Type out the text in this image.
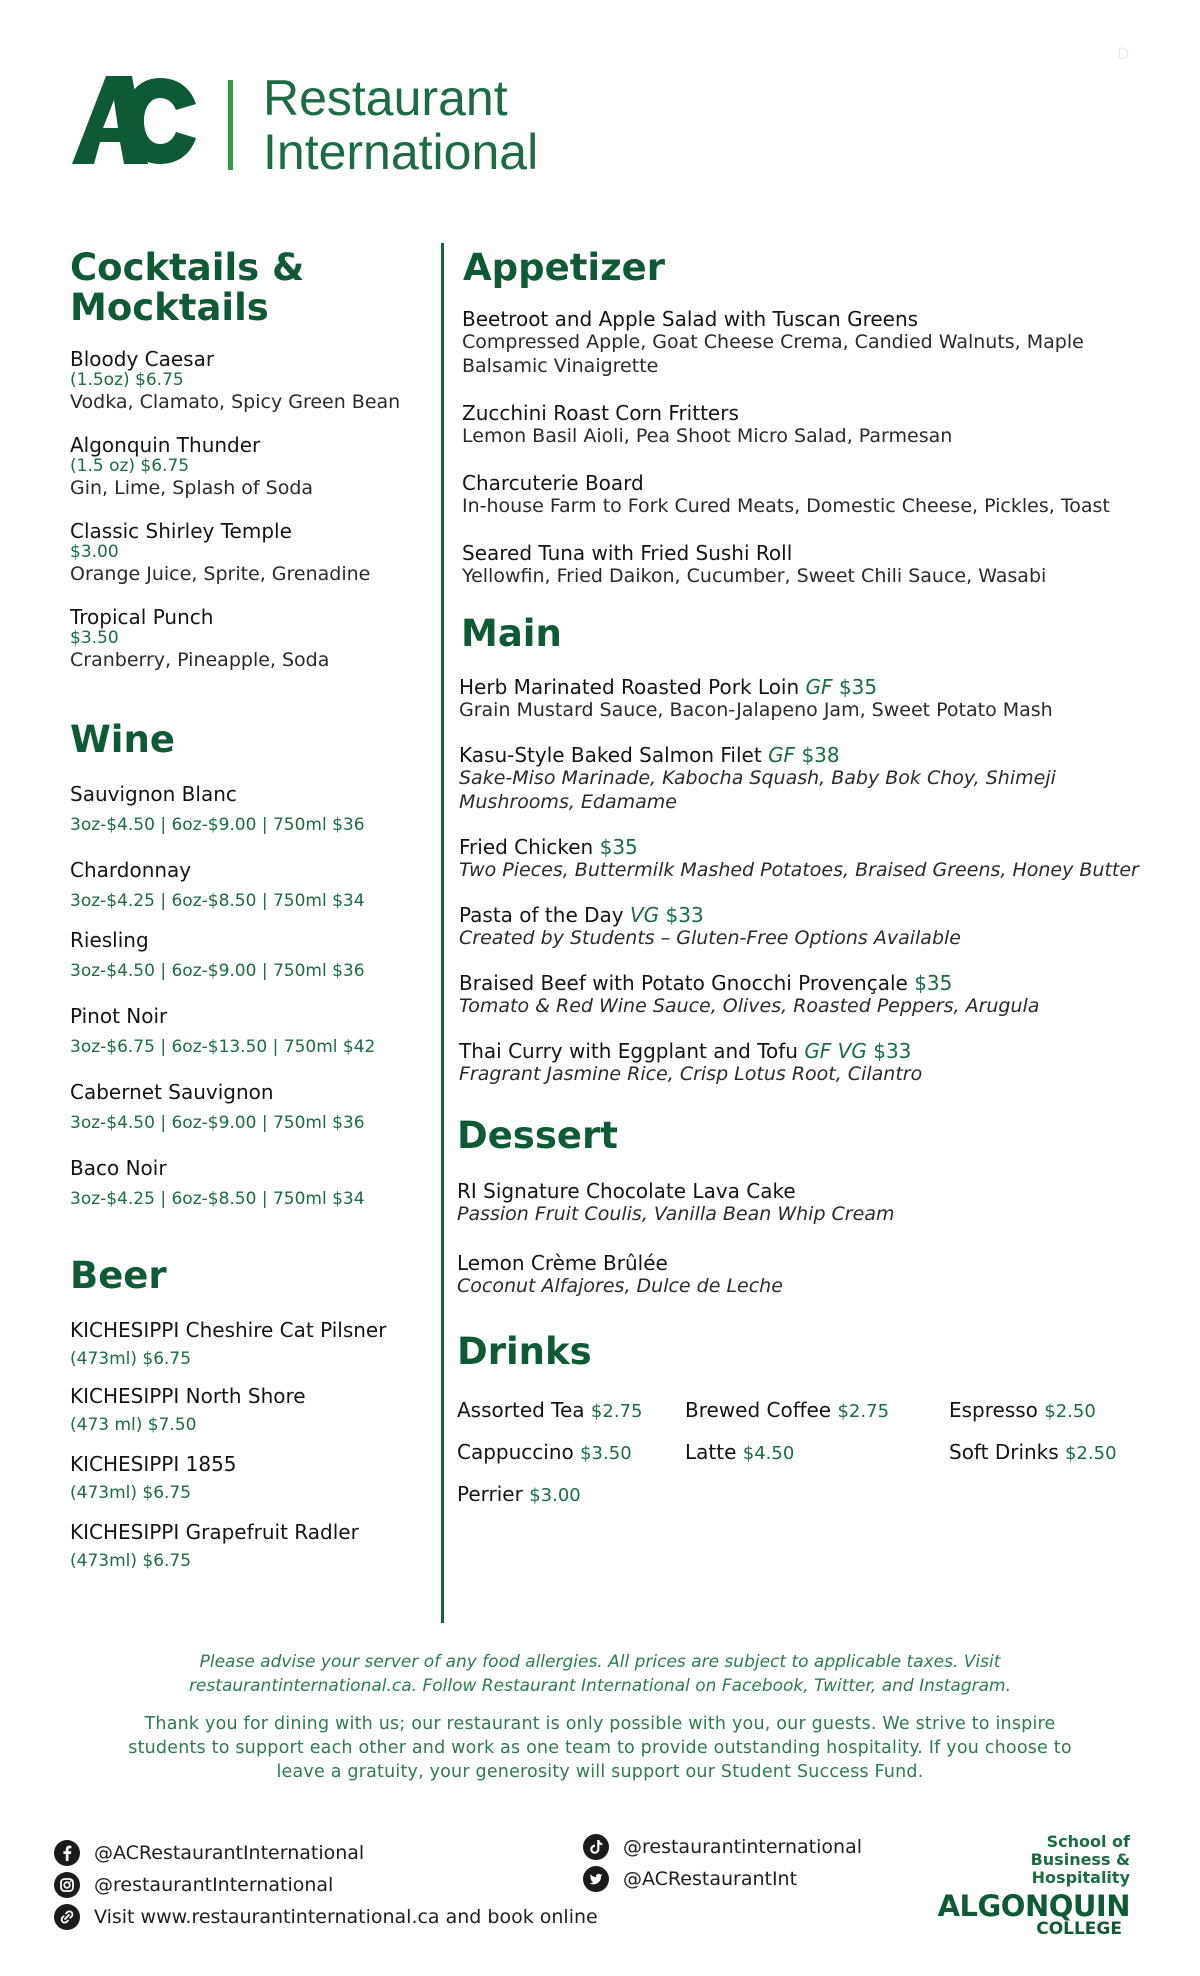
Restaurant
International
D
Cocktails &
Mocktails
Bloody Caesar
(1.5oz) $6.75
Vodka, Clamato, Spicy Green Bean
Algonquin Thunder
(1.5 oz) $6.75
Gin, Lime, Splash of Soda
Classic Shirley Temple
$3.00
Orange Juice, Sprite, Grenadine
Tropical Punch
$3.50
Cranberry, Pineapple, Soda
Wine
Sauvignon Blanc
3oz-$4.50 | 6oz-$9.00 | 750ml $36
Chardonnay
3oz-$4.25 | 6oz-$8.50 | 750ml $34
Riesling
3oz-$4.50 | 6oz-$9.00 | 750ml $36
Pinot Noir
3oz-$6.75 | 6oz-$13.50 | 750ml $42
Cabernet Sauvignon
3oz-$4.50 | 6oz-$9.00 | 750ml $36
Baco Noir
3oz-$4.25 | 6oz-$8.50 | 750ml $34
Beer
KICHESIPPI Cheshire Cat Pilsner
(473ml) $6.75
KICHESIPPI North Shore
(473 ml) $7.50
KICHESIPPI 1855
(473ml) $6.75
KICHESIPPI Grapefruit Radler
(473ml) $6.75
Appetizer
Beetroot and Apple Salad with Tuscan Greens
Compressed Apple, Goat Cheese Crema, Candied Walnuts, Maple Balsamic Vinaigrette
Zucchini Roast Corn Fritters
Lemon Basil Aioli, Pea Shoot Micro Salad, Parmesan
Charcuterie Board
In-house Farm to Fork Cured Meats, Domestic Cheese, Pickles, Toast
Seared Tuna with Fried Sushi Roll
Yellowfin, Fried Daikon, Cucumber, Sweet Chili Sauce, Wasabi
Main
Herb Marinated Roasted Pork Loin GF $35
Grain Mustard Sauce, Bacon-Jalapeno Jam, Sweet Potato Mash
Kasu-Style Baked Salmon Filet GF $38
Sake-Miso Marinade, Kabocha Squash, Baby Bok Choy, Shimeji Mushrooms, Edamame
Fried Chicken $35
Two Pieces, Buttermilk Mashed Potatoes, Braised Greens, Honey Butter
Pasta of the Day VG $33
Created by Students – Gluten-Free Options Available
Braised Beef with Potato Gnocchi Provençale $35
Tomato & Red Wine Sauce, Olives, Roasted Peppers, Arugula
Thai Curry with Eggplant and Tofu GF VG $33
Fragrant Jasmine Rice, Crisp Lotus Root, Cilantro
Dessert
RI Signature Chocolate Lava Cake
Passion Fruit Coulis, Vanilla Bean Whip Cream
Lemon Crème Brûlée
Coconut Alfajores, Dulce de Leche
Drinks
Assorted Tea $2.75 Brewed Coffee $2.75	Espresso $2.50
Cappuccino $3.50	Latte $4.50	Soft Drinks $2.50
Perrier $3.00
Please advise your server of any food allergies. All prices are subject to applicable taxes. Visit
restaurantinternational.ca. Follow Restaurant International on Facebook, Twitter, and Instagram.
Thank you for dining with us; our restaurant is only possible with you, our guests. We strive to inspire
students to support each other and work as one team to provide outstanding hospitality. If you choose to
leave a gratuity, your generosity will support our Student Success Fund.
@ACRestaurantInternational
@restaurantInternational
Visit www.restaurantinternational.ca and book online
@restaurantinternational
@ACRestaurantInt
School of
Business & Hospitality
ALGONQUIN
COLLEGE
